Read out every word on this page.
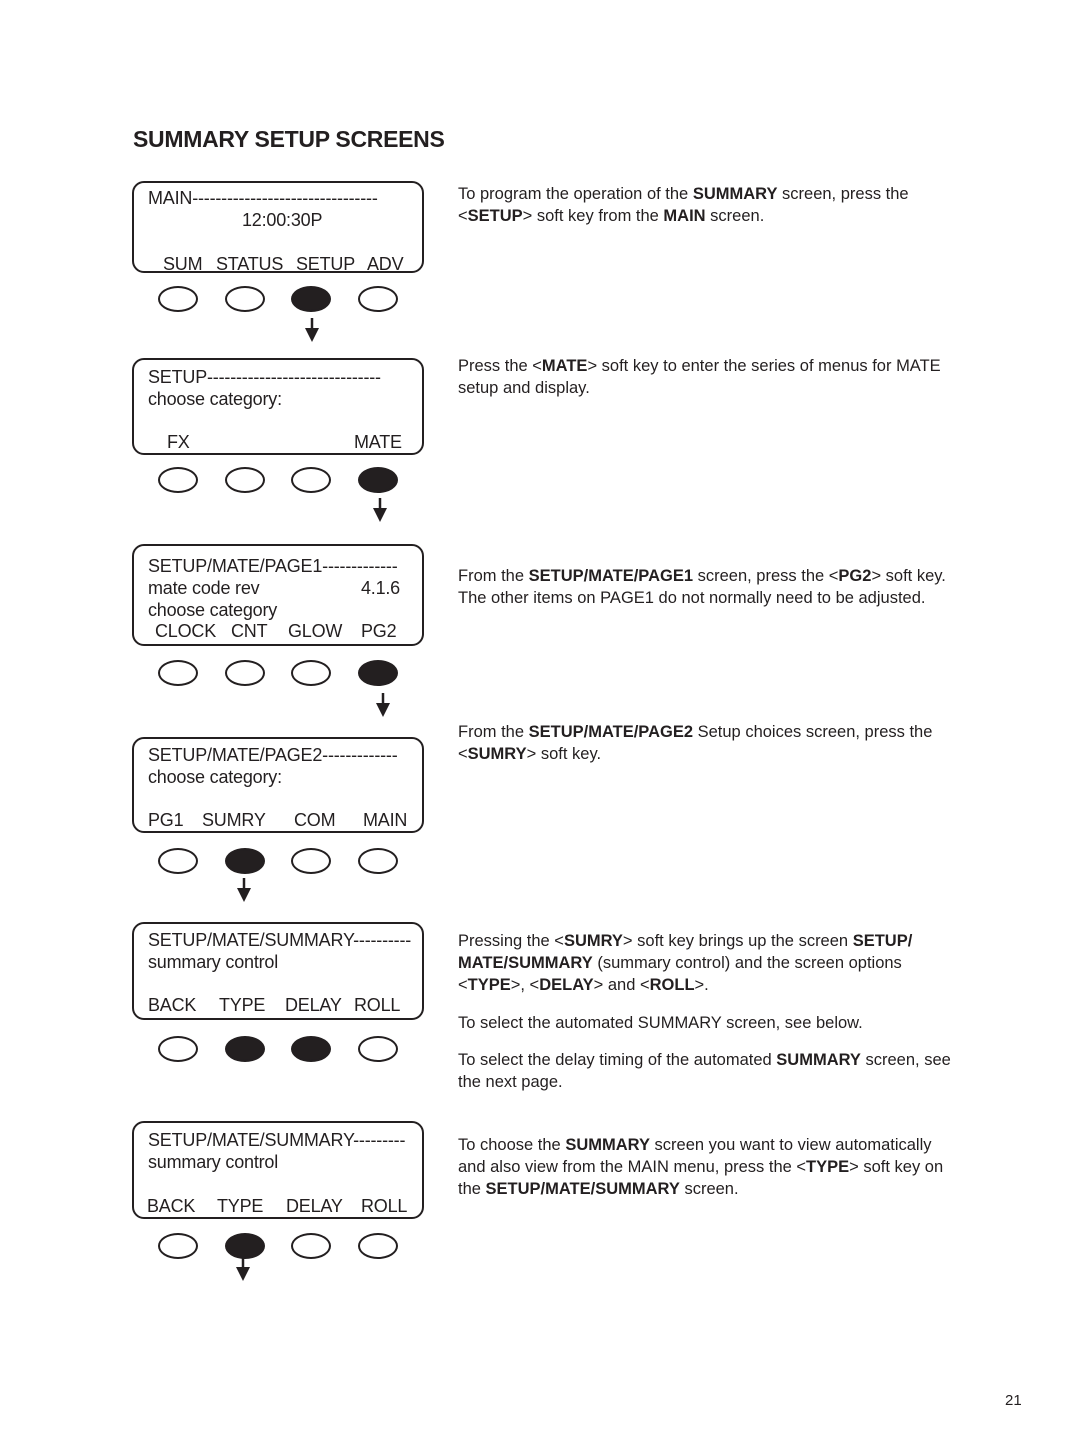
SUMMARY SETUP SCREENS
MAIN--------------------------------
12:00:30P
SUM STATUS SETUP ADV
To program the operation of the SUMMARY screen, press the <SETUP> soft key from the MAIN screen.
SETUP------------------------------
choose category:
FX	MATE
Press the <MATE> soft key to enter the series of menus for MATE setup and display.
SETUP/MATE/PAGE1-------------
mate code rev	4.1.6
choose category
CLOCK CNT GLOW PG2
From the SETUP/MATE/PAGE1 screen, press the <PG2> soft key. The other items on PAGE1 do not normally need to be adjusted.
SETUP/MATE/PAGE2-------------
choose category:
PG1 SUMRY COM MAIN
From the SETUP/MATE/PAGE2 Setup choices screen, press the <SUMRY> soft key.
SETUP/MATE/SUMMARY----------
summary control
BACK TYPE DELAY ROLL
Pressing the <SUMRY> soft key brings up the screen SETUP/ MATE/SUMMARY (summary control) and the screen options <TYPE>, <DELAY> and <ROLL>.
To select the automated SUMMARY screen, see below.
To select the delay timing of the automated SUMMARY screen, see the next page.
SETUP/MATE/SUMMARY---------
summary control
BACK TYPE DELAY ROLL
To choose the SUMMARY screen you want to view automatically and also view from the MAIN menu, press the <TYPE> soft key on the SETUP/MATE/SUMMARY screen.
21
